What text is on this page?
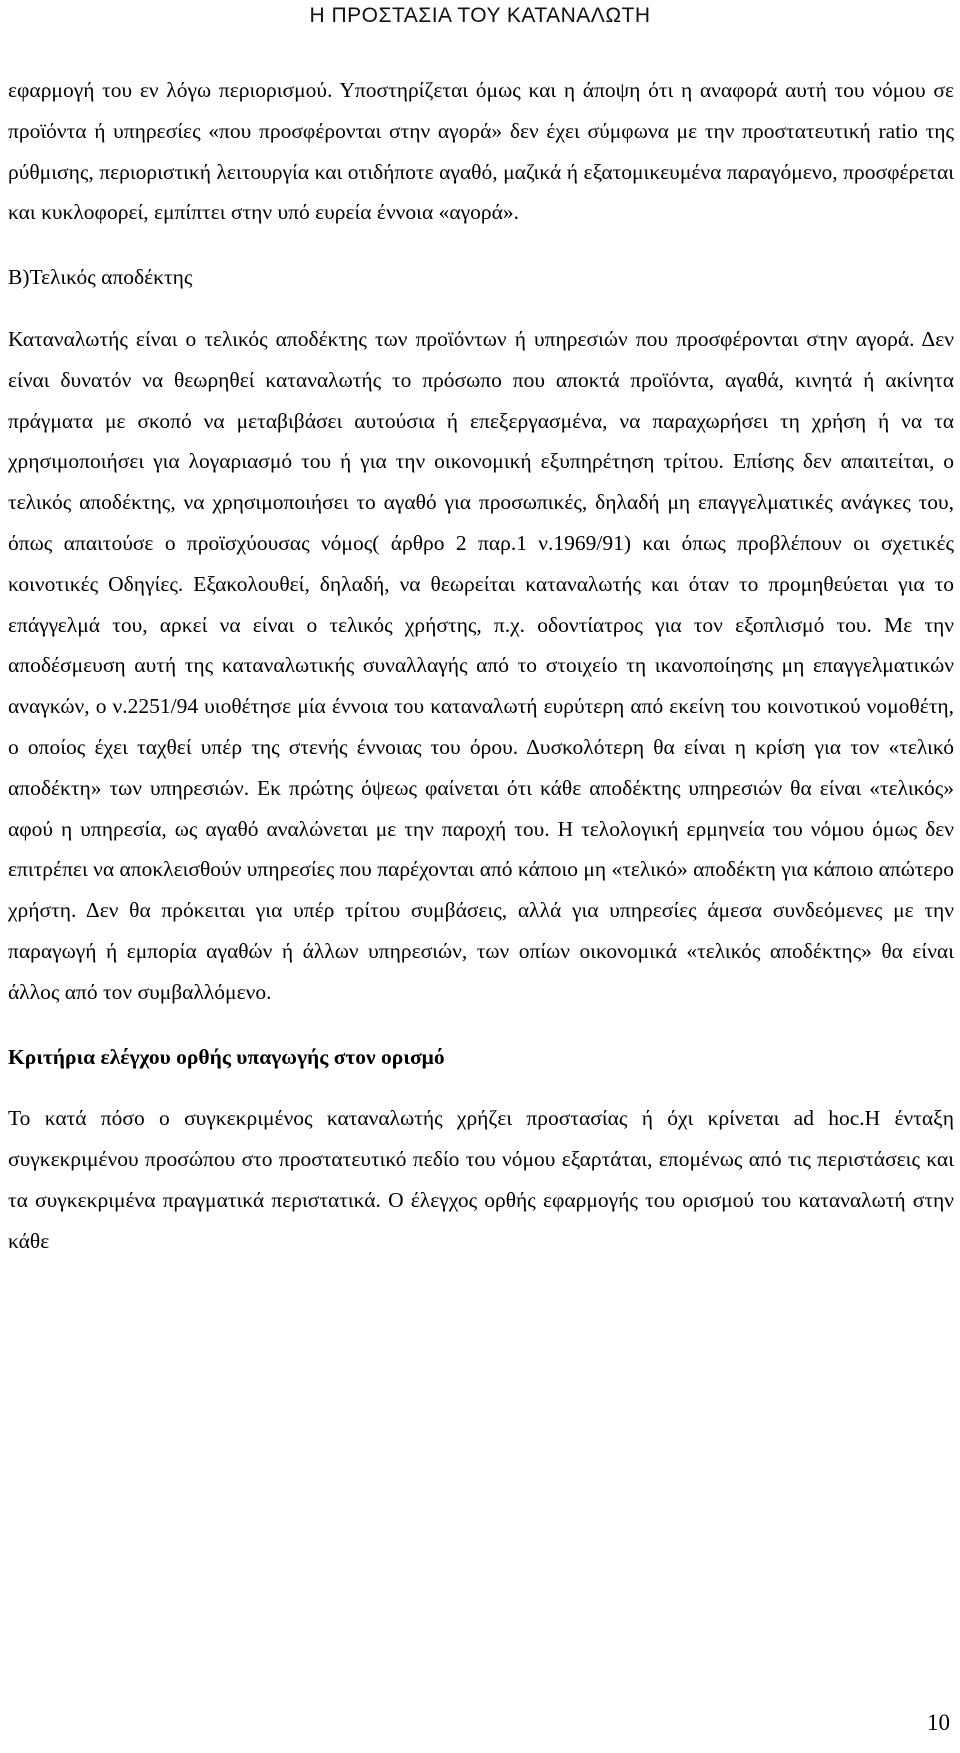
Η ΠΡΟΣΤΑΣΙΑ ΤΟΥ ΚΑΤΑΝΑΛΩΤΗ

εφαρμογή του εν λόγω περιορισμού. Υποστηρίζεται όμως και η άποψη ότι η αναφορά αυτή του νόμου σε προϊόντα ή υπηρεσίες «που προσφέρονται στην αγορά» δεν έχει σύμφωνα με την προστατευτική ratio της ρύθμισης, περιοριστική λειτουργία και οτιδήποτε αγαθό, μαζικά ή εξατομικευμένα παραγόμενο, προσφέρεται και κυκλοφορεί, εμπίπτει στην υπό ευρεία έννοια «αγορά».

Β)Τελικός αποδέκτης

Καταναλωτής είναι ο τελικός αποδέκτης των προϊόντων ή υπηρεσιών που προσφέρονται στην αγορά. Δεν είναι δυνατόν να θεωρηθεί καταναλωτής το πρόσωπο που αποκτά προϊόντα, αγαθά, κινητά ή ακίνητα πράγματα με σκοπό να μεταβιβάσει αυτούσια ή επεξεργασμένα, να παραχωρήσει τη χρήση ή να τα χρησιμοποιήσει για λογαριασμό του ή για την οικονομική εξυπηρέτηση τρίτου. Επίσης δεν απαιτείται, ο τελικός αποδέκτης, να χρησιμοποιήσει το αγαθό για προσωπικές, δηλαδή μη επαγγελματικές ανάγκες του, όπως απαιτούσε ο προϊσχύουσας νόμος( άρθρο 2 παρ.1 ν.1969/91) και όπως προβλέπουν οι σχετικές κοινοτικές Οδηγίες. Εξακολουθεί, δηλαδή, να θεωρείται καταναλωτής και όταν το προμηθεύεται για το επάγγελμά του, αρκεί να είναι ο τελικός χρήστης, π.χ. οδοντίατρος για τον εξοπλισμό του. Με την αποδέσμευση αυτή της καταναλωτικής συναλλαγής από το στοιχείο τη ικανοποίησης μη επαγγελματικών αναγκών, ο ν.2251/94 υιοθέτησε μία έννοια του καταναλωτή ευρύτερη από εκείνη του κοινοτικού νομοθέτη, ο οποίος έχει ταχθεί υπέρ της στενής έννοιας του όρου. Δυσκολότερη θα είναι η κρίση για τον «τελικό αποδέκτη» των υπηρεσιών. Εκ πρώτης όψεως φαίνεται ότι κάθε αποδέκτης υπηρεσιών θα είναι «τελικός» αφού η υπηρεσία, ως αγαθό αναλώνεται με την παροχή του. Η τελολογική ερμηνεία του νόμου όμως δεν επιτρέπει να αποκλεισθούν υπηρεσίες που παρέχονται από κάποιο μη «τελικό» αποδέκτη για κάποιο απώτερο χρήστη. Δεν θα πρόκειται για υπέρ τρίτου συμβάσεις, αλλά για υπηρεσίες άμεσα συνδεόμενες με την παραγωγή ή εμπορία αγαθών ή άλλων υπηρεσιών, των οπίων οικονομικά «τελικός αποδέκτης» θα είναι άλλος από τον συμβαλλόμενο.

Κριτήρια ελέγχου ορθής υπαγωγής στον ορισμό

Το κατά πόσο ο συγκεκριμένος καταναλωτής χρήζει προστασίας ή όχι κρίνεται ad hoc.Η ένταξη συγκεκριμένου προσώπου στο προστατευτικό πεδίο του νόμου εξαρτάται, επομένως από τις περιστάσεις και τα συγκεκριμένα πραγματικά περιστατικά. Ο έλεγχος ορθής εφαρμογής του ορισμού του καταναλωτή στην κάθε

10
